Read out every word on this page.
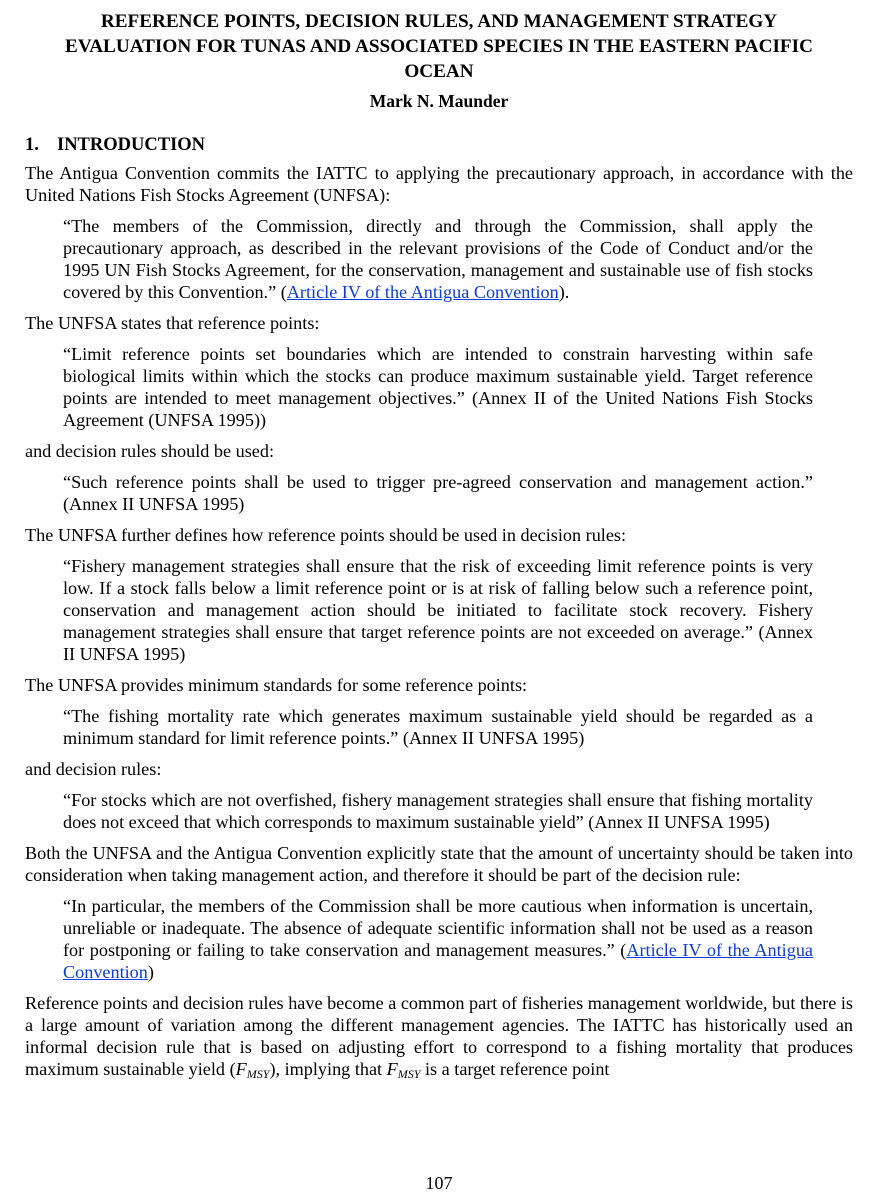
REFERENCE POINTS, DECISION RULES, AND MANAGEMENT STRATEGY EVALUATION FOR TUNAS AND ASSOCIATED SPECIES IN THE EASTERN PACIFIC OCEAN
Mark N. Maunder
1. INTRODUCTION

The Antigua Convention commits the IATTC to applying the precautionary approach, in accordance with the United Nations Fish Stocks Agreement (UNFSA):

“The members of the Commission, directly and through the Commission, shall apply the precautionary approach, as described in the relevant provisions of the Code of Conduct and/or the 1995 UN Fish Stocks Agreement, for the conservation, management and sustainable use of fish stocks covered by this Convention.” (Article IV of the Antigua Convention).

The UNFSA states that reference points:

“Limit reference points set boundaries which are intended to constrain harvesting within safe biological limits within which the stocks can produce maximum sustainable yield. Target reference points are intended to meet management objectives.” (Annex II of the United Nations Fish Stocks Agreement (UNFSA 1995))

and decision rules should be used:

“Such reference points shall be used to trigger pre-agreed conservation and management action.” (Annex II UNFSA 1995)

The UNFSA further defines how reference points should be used in decision rules:

“Fishery management strategies shall ensure that the risk of exceeding limit reference points is very low. If a stock falls below a limit reference point or is at risk of falling below such a reference point, conservation and management action should be initiated to facilitate stock recovery. Fishery management strategies shall ensure that target reference points are not exceeded on average.” (Annex II UNFSA 1995)

The UNFSA provides minimum standards for some reference points:

“The fishing mortality rate which generates maximum sustainable yield should be regarded as a minimum standard for limit reference points.” (Annex II UNFSA 1995)

and decision rules:

“For stocks which are not overfished, fishery management strategies shall ensure that fishing mortality does not exceed that which corresponds to maximum sustainable yield” (Annex II UNFSA 1995)

Both the UNFSA and the Antigua Convention explicitly state that the amount of uncertainty should be taken into consideration when taking management action, and therefore it should be part of the decision rule:

“In particular, the members of the Commission shall be more cautious when information is uncertain, unreliable or inadequate. The absence of adequate scientific information shall not be used as a reason for postponing or failing to take conservation and management measures.” (Article IV of the Antigua Convention)

Reference points and decision rules have become a common part of fisheries management worldwide, but there is a large amount of variation among the different management agencies. The IATTC has historically used an informal decision rule that is based on adjusting effort to correspond to a fishing mortality that produces maximum sustainable yield $(F_{MSY})$, implying that $F_{MSY}$ is a target reference point

107
